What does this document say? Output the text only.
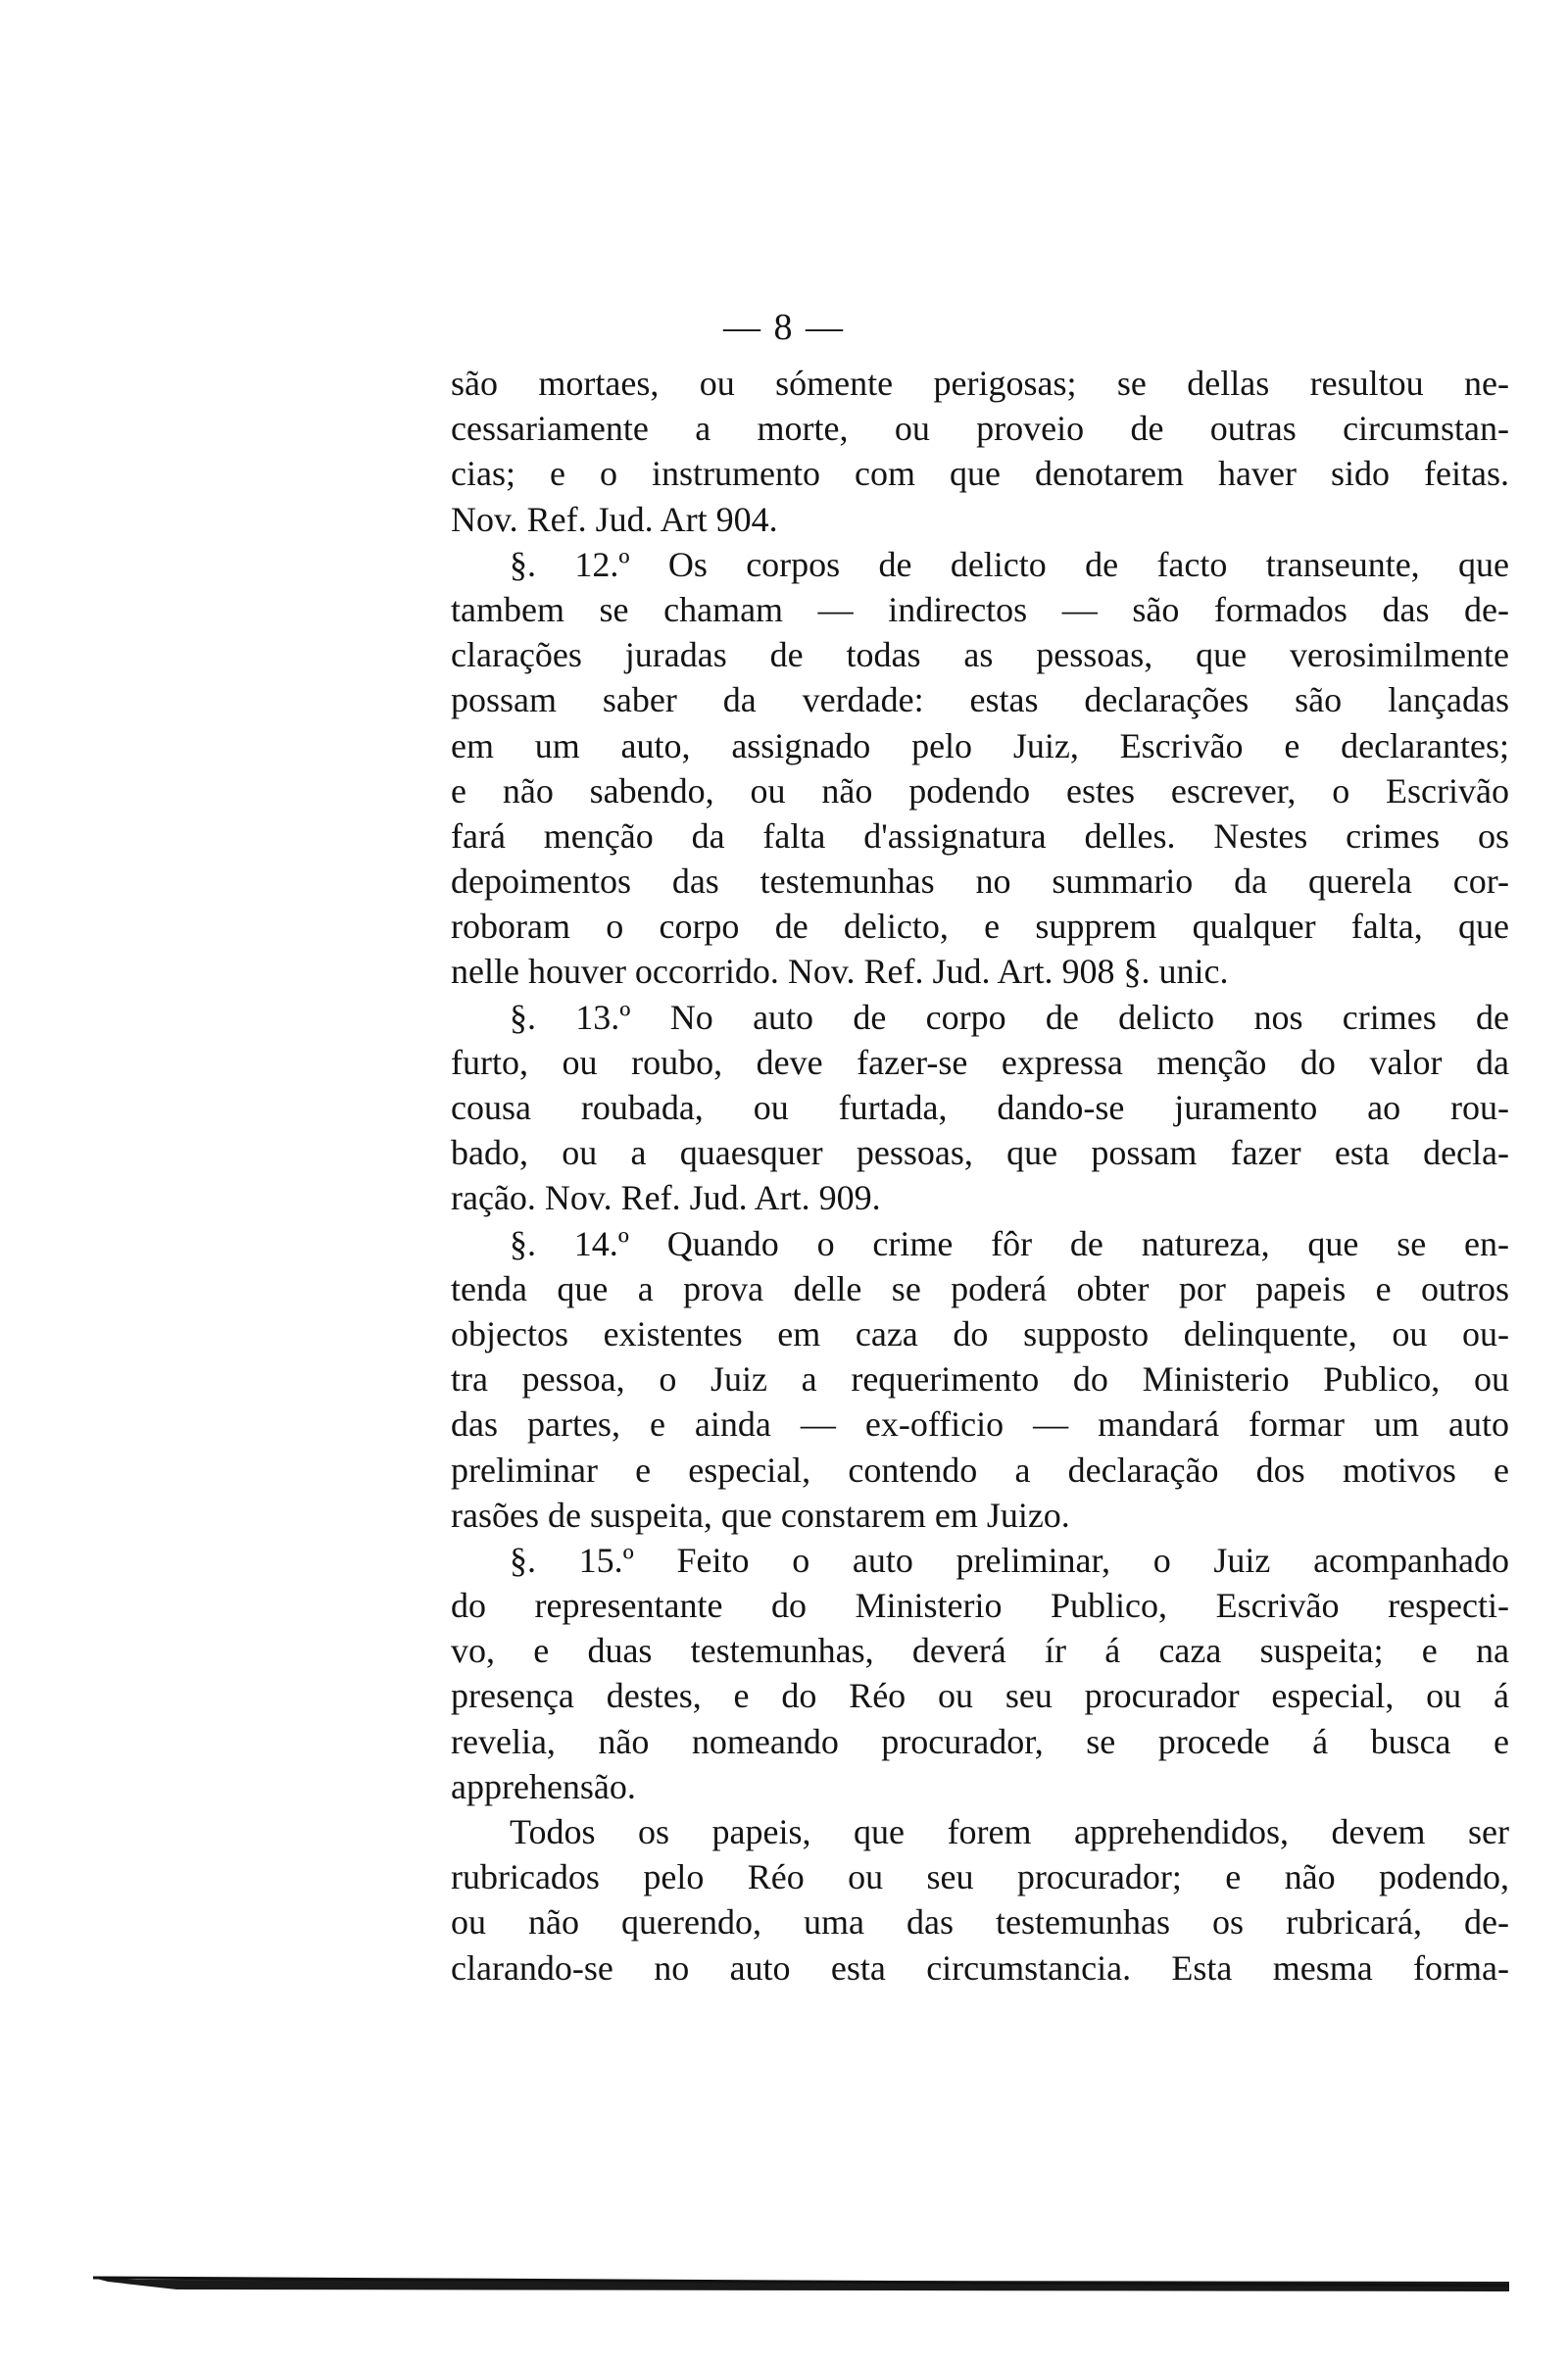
— 8 —
são mortaes, ou sómente perigosas; se dellas resultou ne-
cessariamente a morte, ou proveio de outras circumstan-
cias; e o instrumento com que denotarem haver sido feitas.
Nov. Ref. Jud. Art 904.
§. 12.º Os corpos de delicto de facto transeunte, que
tambem se chamam — indirectos — são formados das de-
clarações juradas de todas as pessoas, que verosimilmente
possam saber da verdade: estas declarações são lançadas
em um auto, assignado pelo Juiz, Escrivão e declarantes;
e não sabendo, ou não podendo estes escrever, o Escrivão
fará menção da falta d'assignatura delles. Nestes crimes os
depoimentos das testemunhas no summario da querela cor-
roboram o corpo de delicto, e supprem qualquer falta, que
nelle houver occorrido. Nov. Ref. Jud. Art. 908 §. unic.
§. 13.º No auto de corpo de delicto nos crimes de
furto, ou roubo, deve fazer-se expressa menção do valor da
cousa roubada, ou furtada, dando-se juramento ao rou-
bado, ou a quaesquer pessoas, que possam fazer esta decla-
ração. Nov. Ref. Jud. Art. 909.
§. 14.º Quando o crime fôr de natureza, que se en-
tenda que a prova delle se poderá obter por papeis e outros
objectos existentes em caza do supposto delinquente, ou ou-
tra pessoa, o Juiz a requerimento do Ministerio Publico, ou
das partes, e ainda — ex-officio — mandará formar um auto
preliminar e especial, contendo a declaração dos motivos e
rasões de suspeita, que constarem em Juizo.
§. 15.º Feito o auto preliminar, o Juiz acompanhado
do representante do Ministerio Publico, Escrivão respecti-
vo, e duas testemunhas, deverá ír á caza suspeita; e na
presença destes, e do Réo ou seu procurador especial, ou á
revelia, não nomeando procurador, se procede á busca e
apprehensão.
Todos os papeis, que forem apprehendidos, devem ser
rubricados pelo Réo ou seu procurador; e não podendo,
ou não querendo, uma das testemunhas os rubricará, de-
clarando-se no auto esta circumstancia. Esta mesma forma-
